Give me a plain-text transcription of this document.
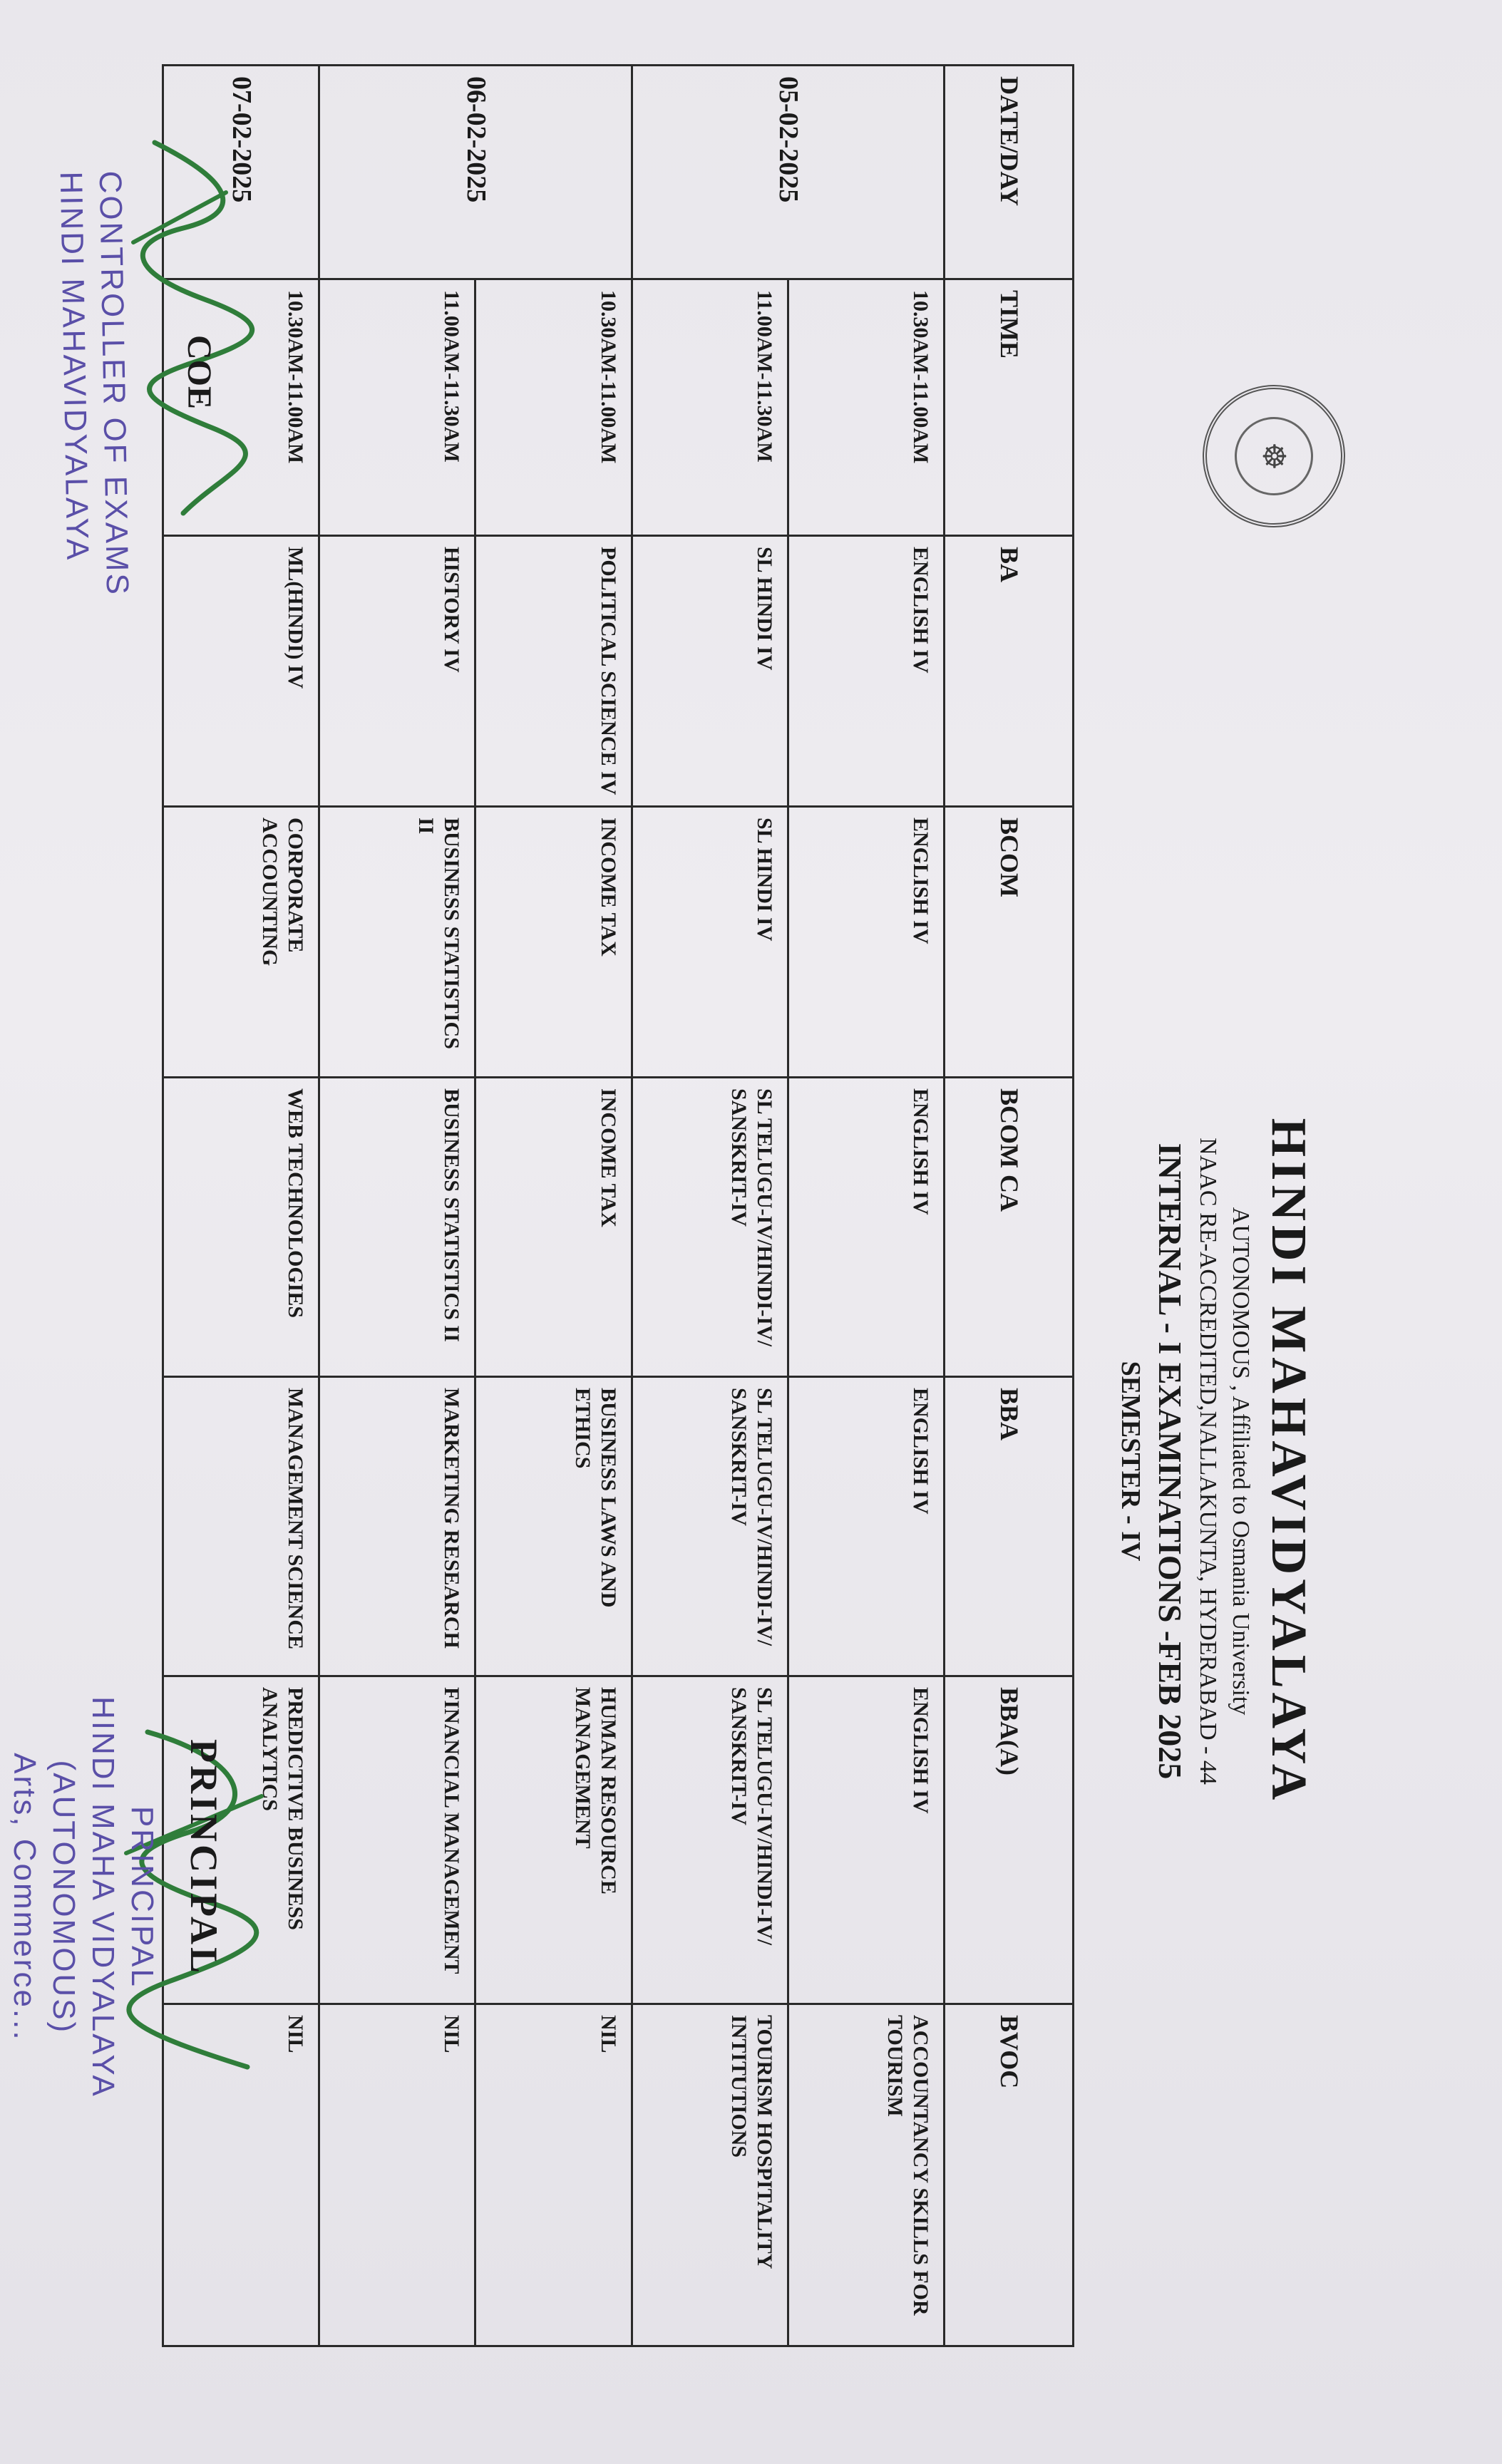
☸

HINDI MAHAVIDYALAYA

AUTONOMOUS , Affiliated to Osmania University

NAAC RE-ACCREDITED,NALLAKUNTA, HYDERABAD - 44

INTERNAL - I EXAMINATIONS -FEB 2025

SEMESTER - IV

DATE/DAY	TIME	BA	BCOM	BCOM CA	BBA	BBA(A)	BVOC
05-02-2025	10.30AM-11.00AM	ENGLISH IV	ENGLISH IV	ENGLISH IV	ENGLISH IV	ENGLISH IV	ACCOUNTANCY SKILLS FOR TOURISM
	11.00AM-11.30AM	SL HINDI IV	SL HINDI IV	SL TELUGU-IV/HINDI-IV/ SANSKRIT-IV	SL TELUGU-IV/HINDI-IV/ SANSKRIT-IV	SL TELUGU-IV/HINDI-IV/ SANSKRIT-IV	TOURISM HOSPITALITY INTITUTIONS
06-02-2025	10.30AM-11.00AM	POLITICAL SCIENCE IV	INCOME TAX	INCOME TAX	BUSINESS LAWS AND ETHICS	HUMAN RESOURCE MANAGEMENT	NIL
	11.00AM-11.30AM	HISTORY IV	BUSINESS STATISTICS II	BUSINESS STATISTICS II	MARKETING RESEARCH	FINANCIAL MANAGEMENT	NIL
07-02-2025	10.30AM-11.00AM	ML(HINDI) IV	CORPORATE ACCOUNTING	WEB TECHNOLOGIES	MANAGEMENT SCIENCE	PREDICTIVE BUSINESS ANALYTICS	NIL
COE
CONTROLLER OF EXAMS
HINDI MAHAVIDYALAYA
PRINCIPAL
PRINCIPAL
HINDI MAHA VIDYALAYA
(AUTONOMOUS)
Arts, Commerce...
